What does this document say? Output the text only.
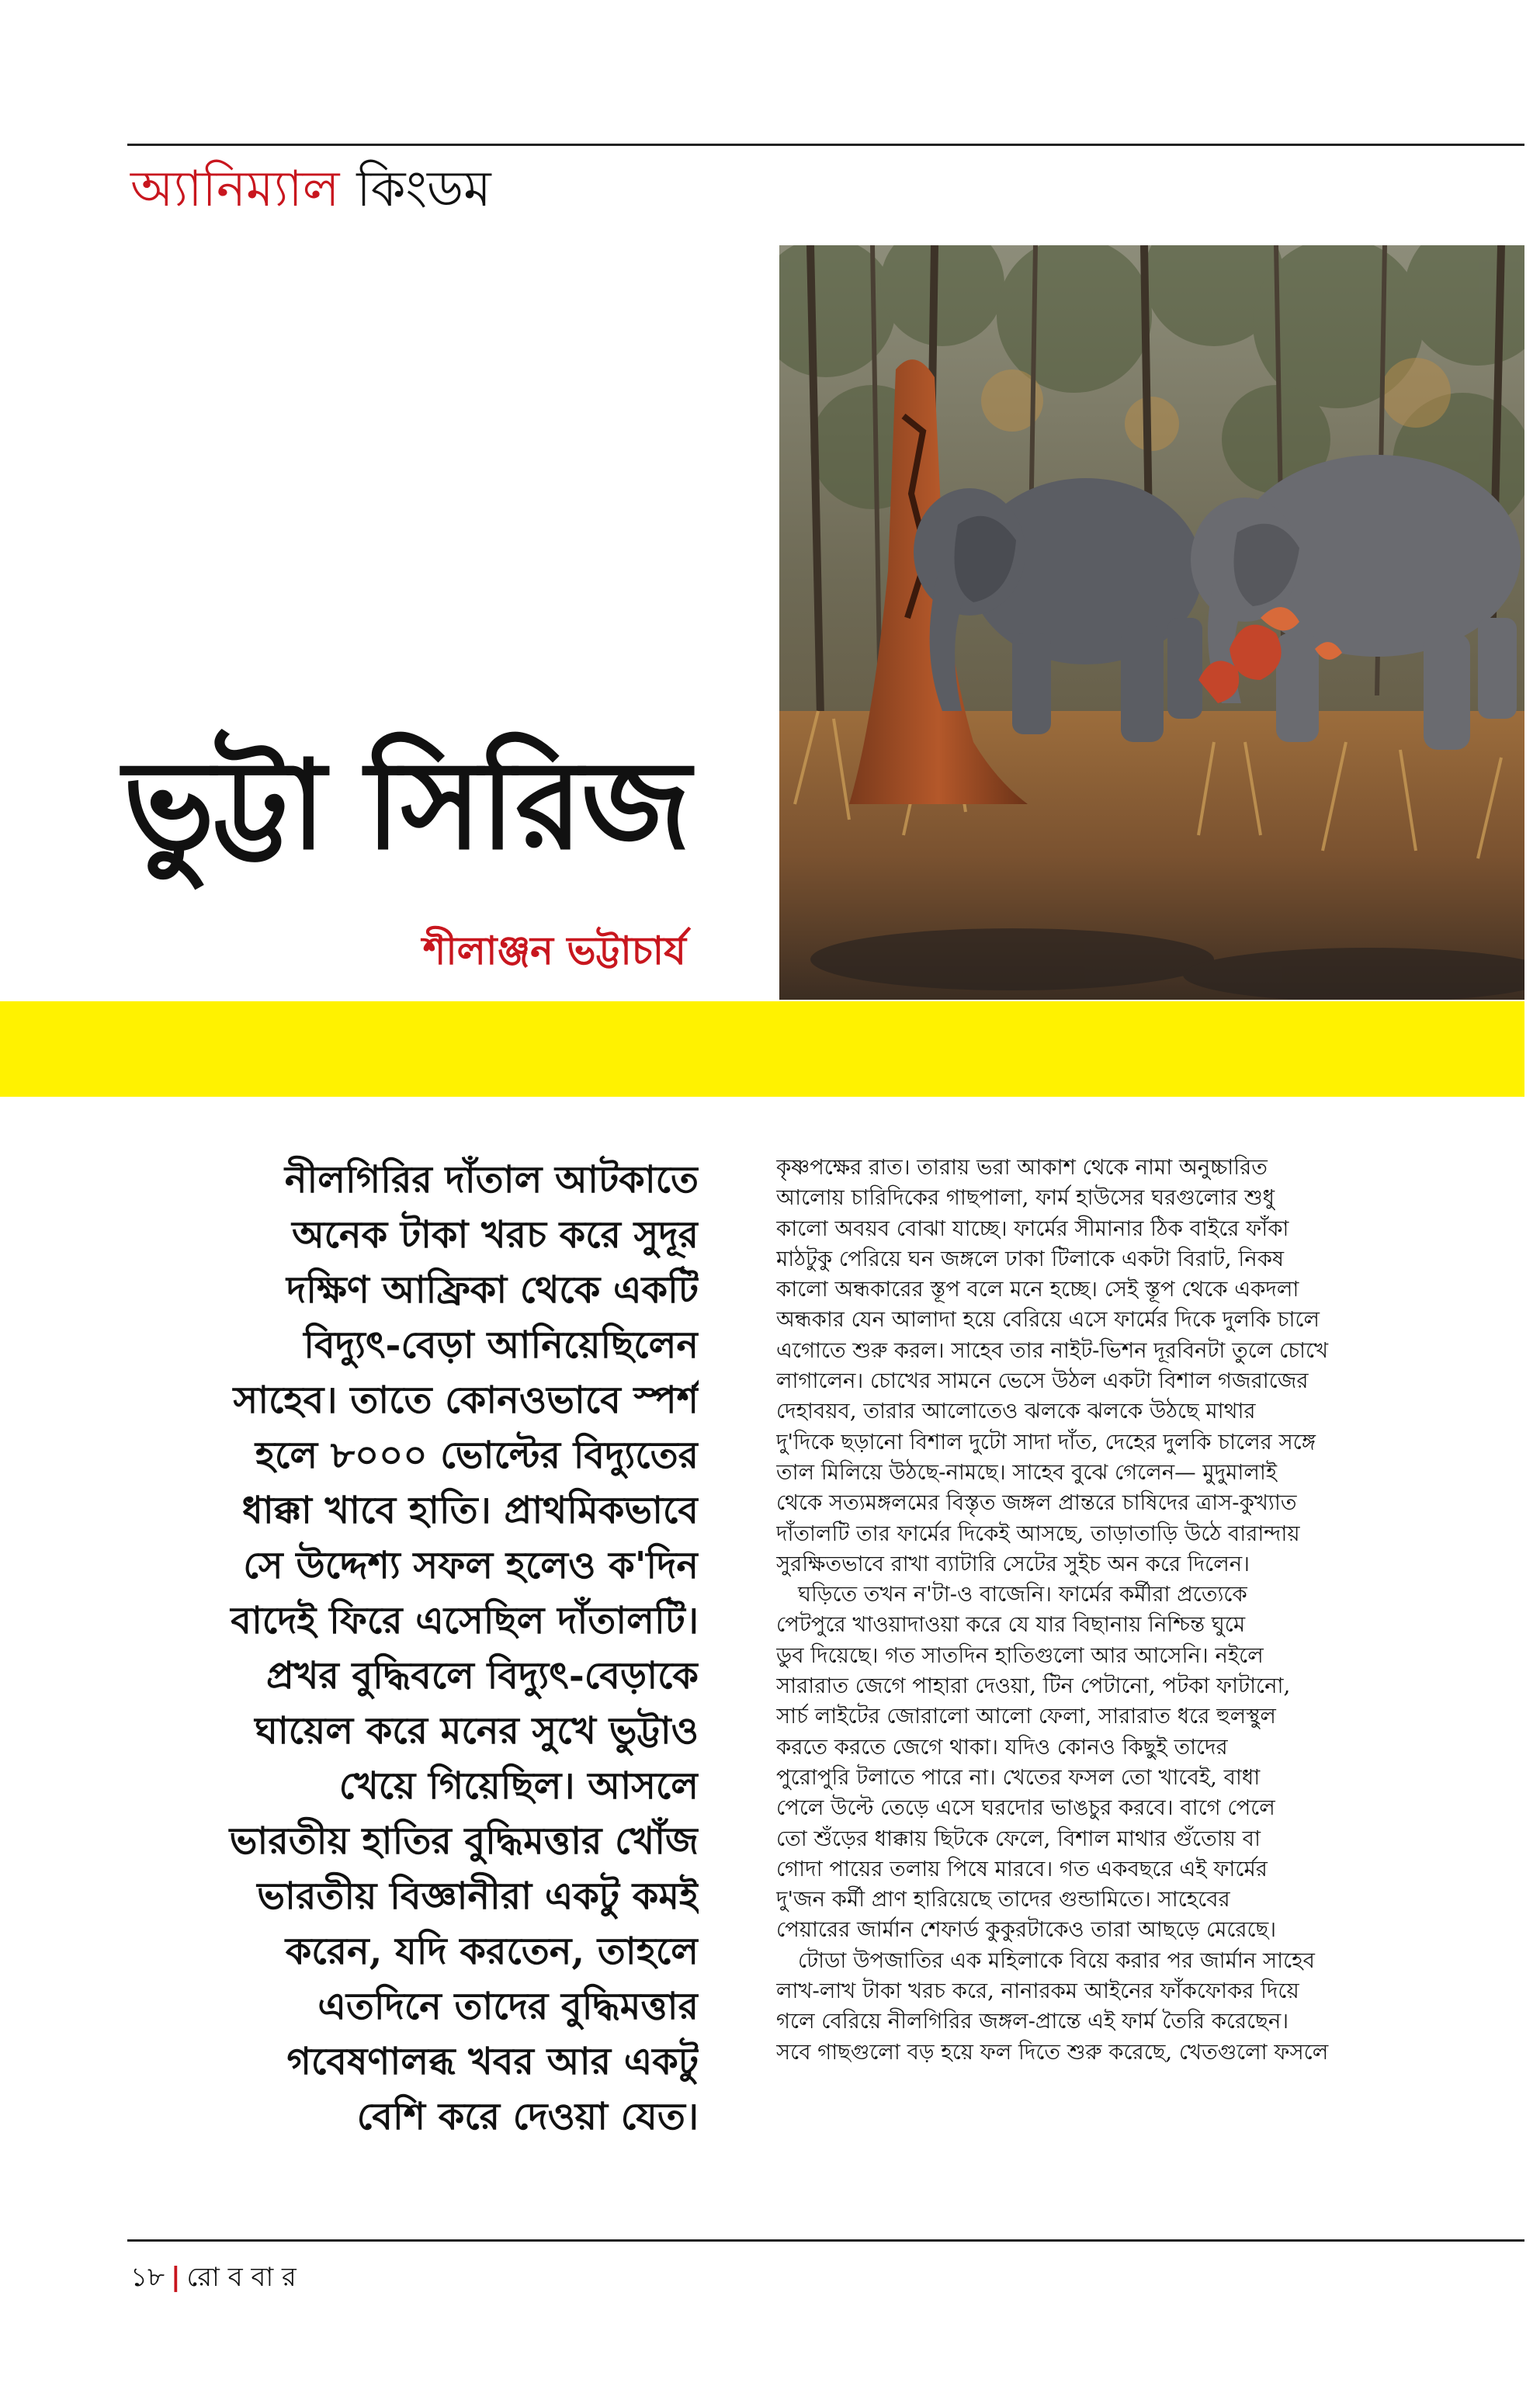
অ্যানিম্যাল কিংডম
ভুট্টা সিরিজ
শীলাঞ্জন ভট্টাচার্য
নীলগিরির দাঁতাল আটকাতে
অনেক টাকা খরচ করে সুদূর
দক্ষিণ আফ্রিকা থেকে একটি
বিদ্যুৎ-বেড়া আনিয়েছিলেন
সাহেব। তাতে কোনওভাবে স্পর্শ
হলে ৮০০০ ভোল্টের বিদ্যুতের
ধাক্কা খাবে হাতি। প্রাথমিকভাবে
সে উদ্দেশ্য সফল হলেও ক'দিন
বাদেই ফিরে এসেছিল দাঁতালটি।
প্রখর বুদ্ধিবলে বিদ্যুৎ-বেড়াকে
ঘায়েল করে মনের সুখে ভুট্টাও
খেয়ে গিয়েছিল। আসলে
ভারতীয় হাতির বুদ্ধিমত্তার খোঁজ
ভারতীয় বিজ্ঞানীরা একটু কমই
করেন, যদি করতেন, তাহলে
এতদিনে তাদের বুদ্ধিমত্তার
গবেষণালব্ধ খবর আর একটু
বেশি করে দেওয়া যেত।
কৃষ্ণপক্ষের রাত। তারায় ভরা আকাশ থেকে নামা অনুচ্চারিত
আলোয় চারিদিকের গাছপালা, ফার্ম হাউসের ঘরগুলোর শুধু
কালো অবয়ব বোঝা যাচ্ছে। ফার্মের সীমানার ঠিক বাইরে ফাঁকা
মাঠটুকু পেরিয়ে ঘন জঙ্গলে ঢাকা টিলাকে একটা বিরাট, নিকষ
কালো অন্ধকারের স্তূপ বলে মনে হচ্ছে। সেই স্তূপ থেকে একদলা
অন্ধকার যেন আলাদা হয়ে বেরিয়ে এসে ফার্মের দিকে দুলকি চালে
এগোতে শুরু করল। সাহেব তার নাইট-ভিশন দূরবিনটা তুলে চোখে
লাগালেন। চোখের সামনে ভেসে উঠল একটা বিশাল গজরাজের
দেহাবয়ব, তারার আলোতেও ঝলকে ঝলকে উঠছে মাথার
দু'দিকে ছড়ানো বিশাল দুটো সাদা দাঁত, দেহের দুলকি চালের সঙ্গে
তাল মিলিয়ে উঠছে-নামছে। সাহেব বুঝে গেলেন— মুদুমালাই
থেকে সত্যমঙ্গলমের বিস্তৃত জঙ্গল প্রান্তরে চাষিদের ত্রাস-কুখ্যাত
দাঁতালটি তার ফার্মের দিকেই আসছে, তাড়াতাড়ি উঠে বারান্দায়
সুরক্ষিতভাবে রাখা ব্যাটারি সেটের সুইচ অন করে দিলেন।
ঘড়িতে তখন ন'টা-ও বাজেনি। ফার্মের কর্মীরা প্রত্যেকে
পেটপুরে খাওয়াদাওয়া করে যে যার বিছানায় নিশ্চিন্ত ঘুমে
ডুব দিয়েছে। গত সাতদিন হাতিগুলো আর আসেনি। নইলে
সারারাত জেগে পাহারা দেওয়া, টিন পেটানো, পটকা ফাটানো,
সার্চ লাইটের জোরালো আলো ফেলা, সারারাত ধরে হুলস্থুল
করতে করতে জেগে থাকা। যদিও কোনও কিছুই তাদের
পুরোপুরি টলাতে পারে না। খেতের ফসল তো খাবেই, বাধা
পেলে উল্টে তেড়ে এসে ঘরদোর ভাঙচুর করবে। বাগে পেলে
তো শুঁড়ের ধাক্কায় ছিটকে ফেলে, বিশাল মাথার গুঁতোয় বা
গোদা পায়ের তলায় পিষে মারবে। গত একবছরে এই ফার্মের
দু'জন কর্মী প্রাণ হারিয়েছে তাদের গুন্ডামিতে। সাহেবের
পেয়ারের জার্মান শেফার্ড কুকুরটাকেও তারা আছড়ে মেরেছে।
টোডা উপজাতির এক মহিলাকে বিয়ে করার পর জার্মান সাহেব
লাখ-লাখ টাকা খরচ করে, নানারকম আইনের ফাঁকফোকর দিয়ে
গলে বেরিয়ে নীলগিরির জঙ্গল-প্রান্তে এই ফার্ম তৈরি করেছেন।
সবে গাছগুলো বড় হয়ে ফল দিতে শুরু করেছে, খেতগুলো ফসলে
১৮ | রো ব বা র
